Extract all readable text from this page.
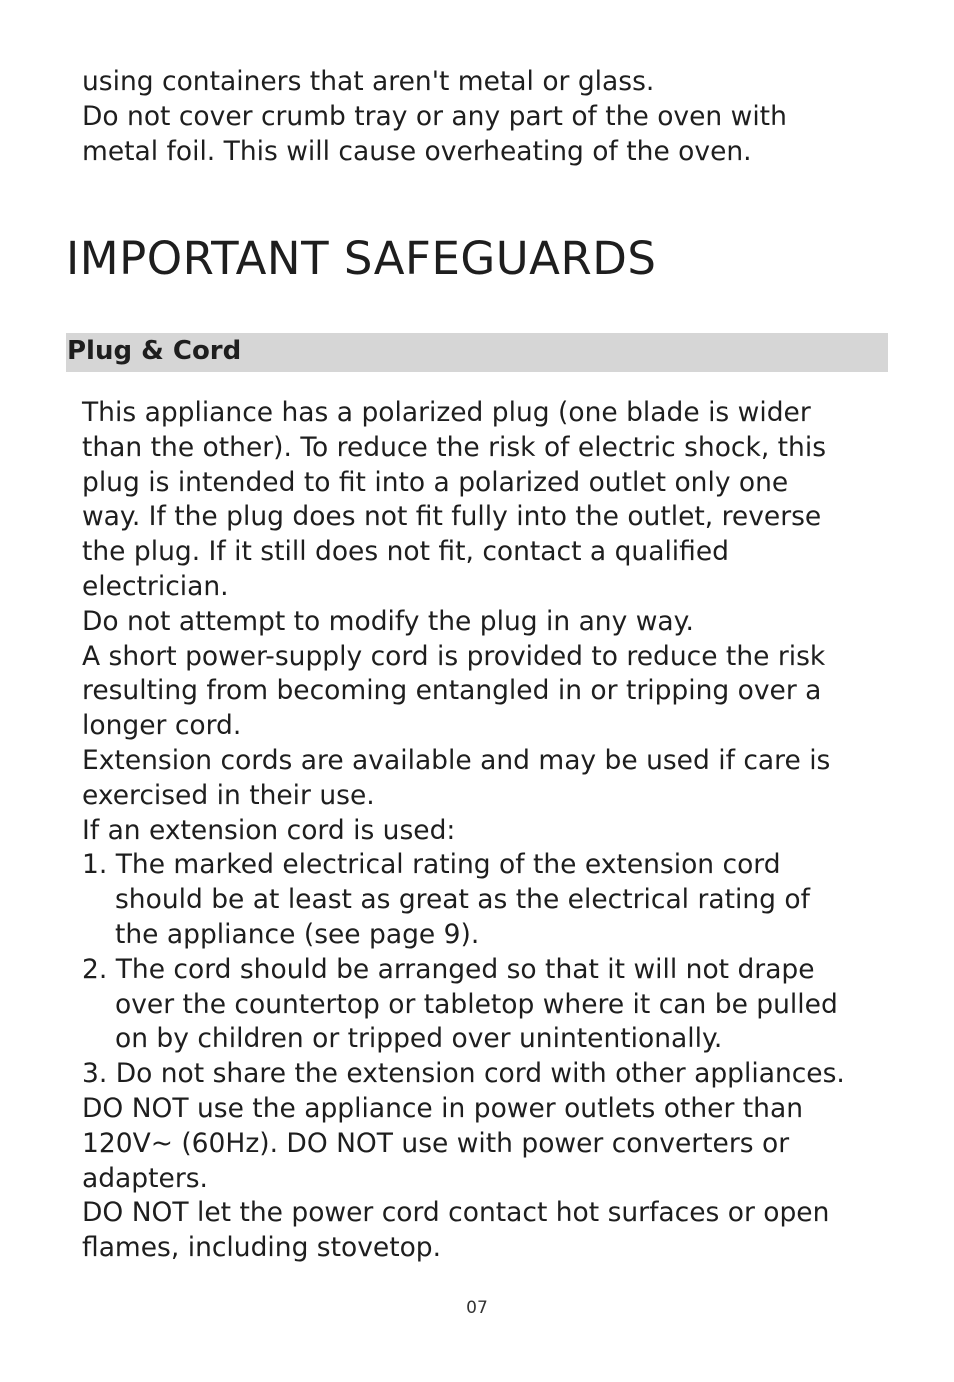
using containers that aren't metal or glass.
Do not cover crumb tray or any part of the oven with
metal foil. This will cause overheating of the oven.
IMPORTANT SAFEGUARDS
Plug & Cord
This appliance has a polarized plug (one blade is wider
than the other). To reduce the risk of electric shock, this
plug is intended to fit into a polarized outlet only one
way. If the plug does not fit fully into the outlet, reverse
the plug. If it still does not fit, contact a qualified
electrician.
Do not attempt to modify the plug in any way.
A short power-supply cord is provided to reduce the risk
resulting from becoming entangled in or tripping over a
longer cord.
Extension cords are available and may be used if care is
exercised in their use.
If an extension cord is used:
1. The marked electrical rating of the extension cord
should be at least as great as the electrical rating of
the appliance (see page 9).
2. The cord should be arranged so that it will not drape
over the countertop or tabletop where it can be pulled
on by children or tripped over unintentionally.
3. Do not share the extension cord with other appliances.
DO NOT use the appliance in power outlets other than
120V~ (60Hz). DO NOT use with power converters or
adapters.
DO NOT let the power cord contact hot surfaces or open
flames, including stovetop.
07
